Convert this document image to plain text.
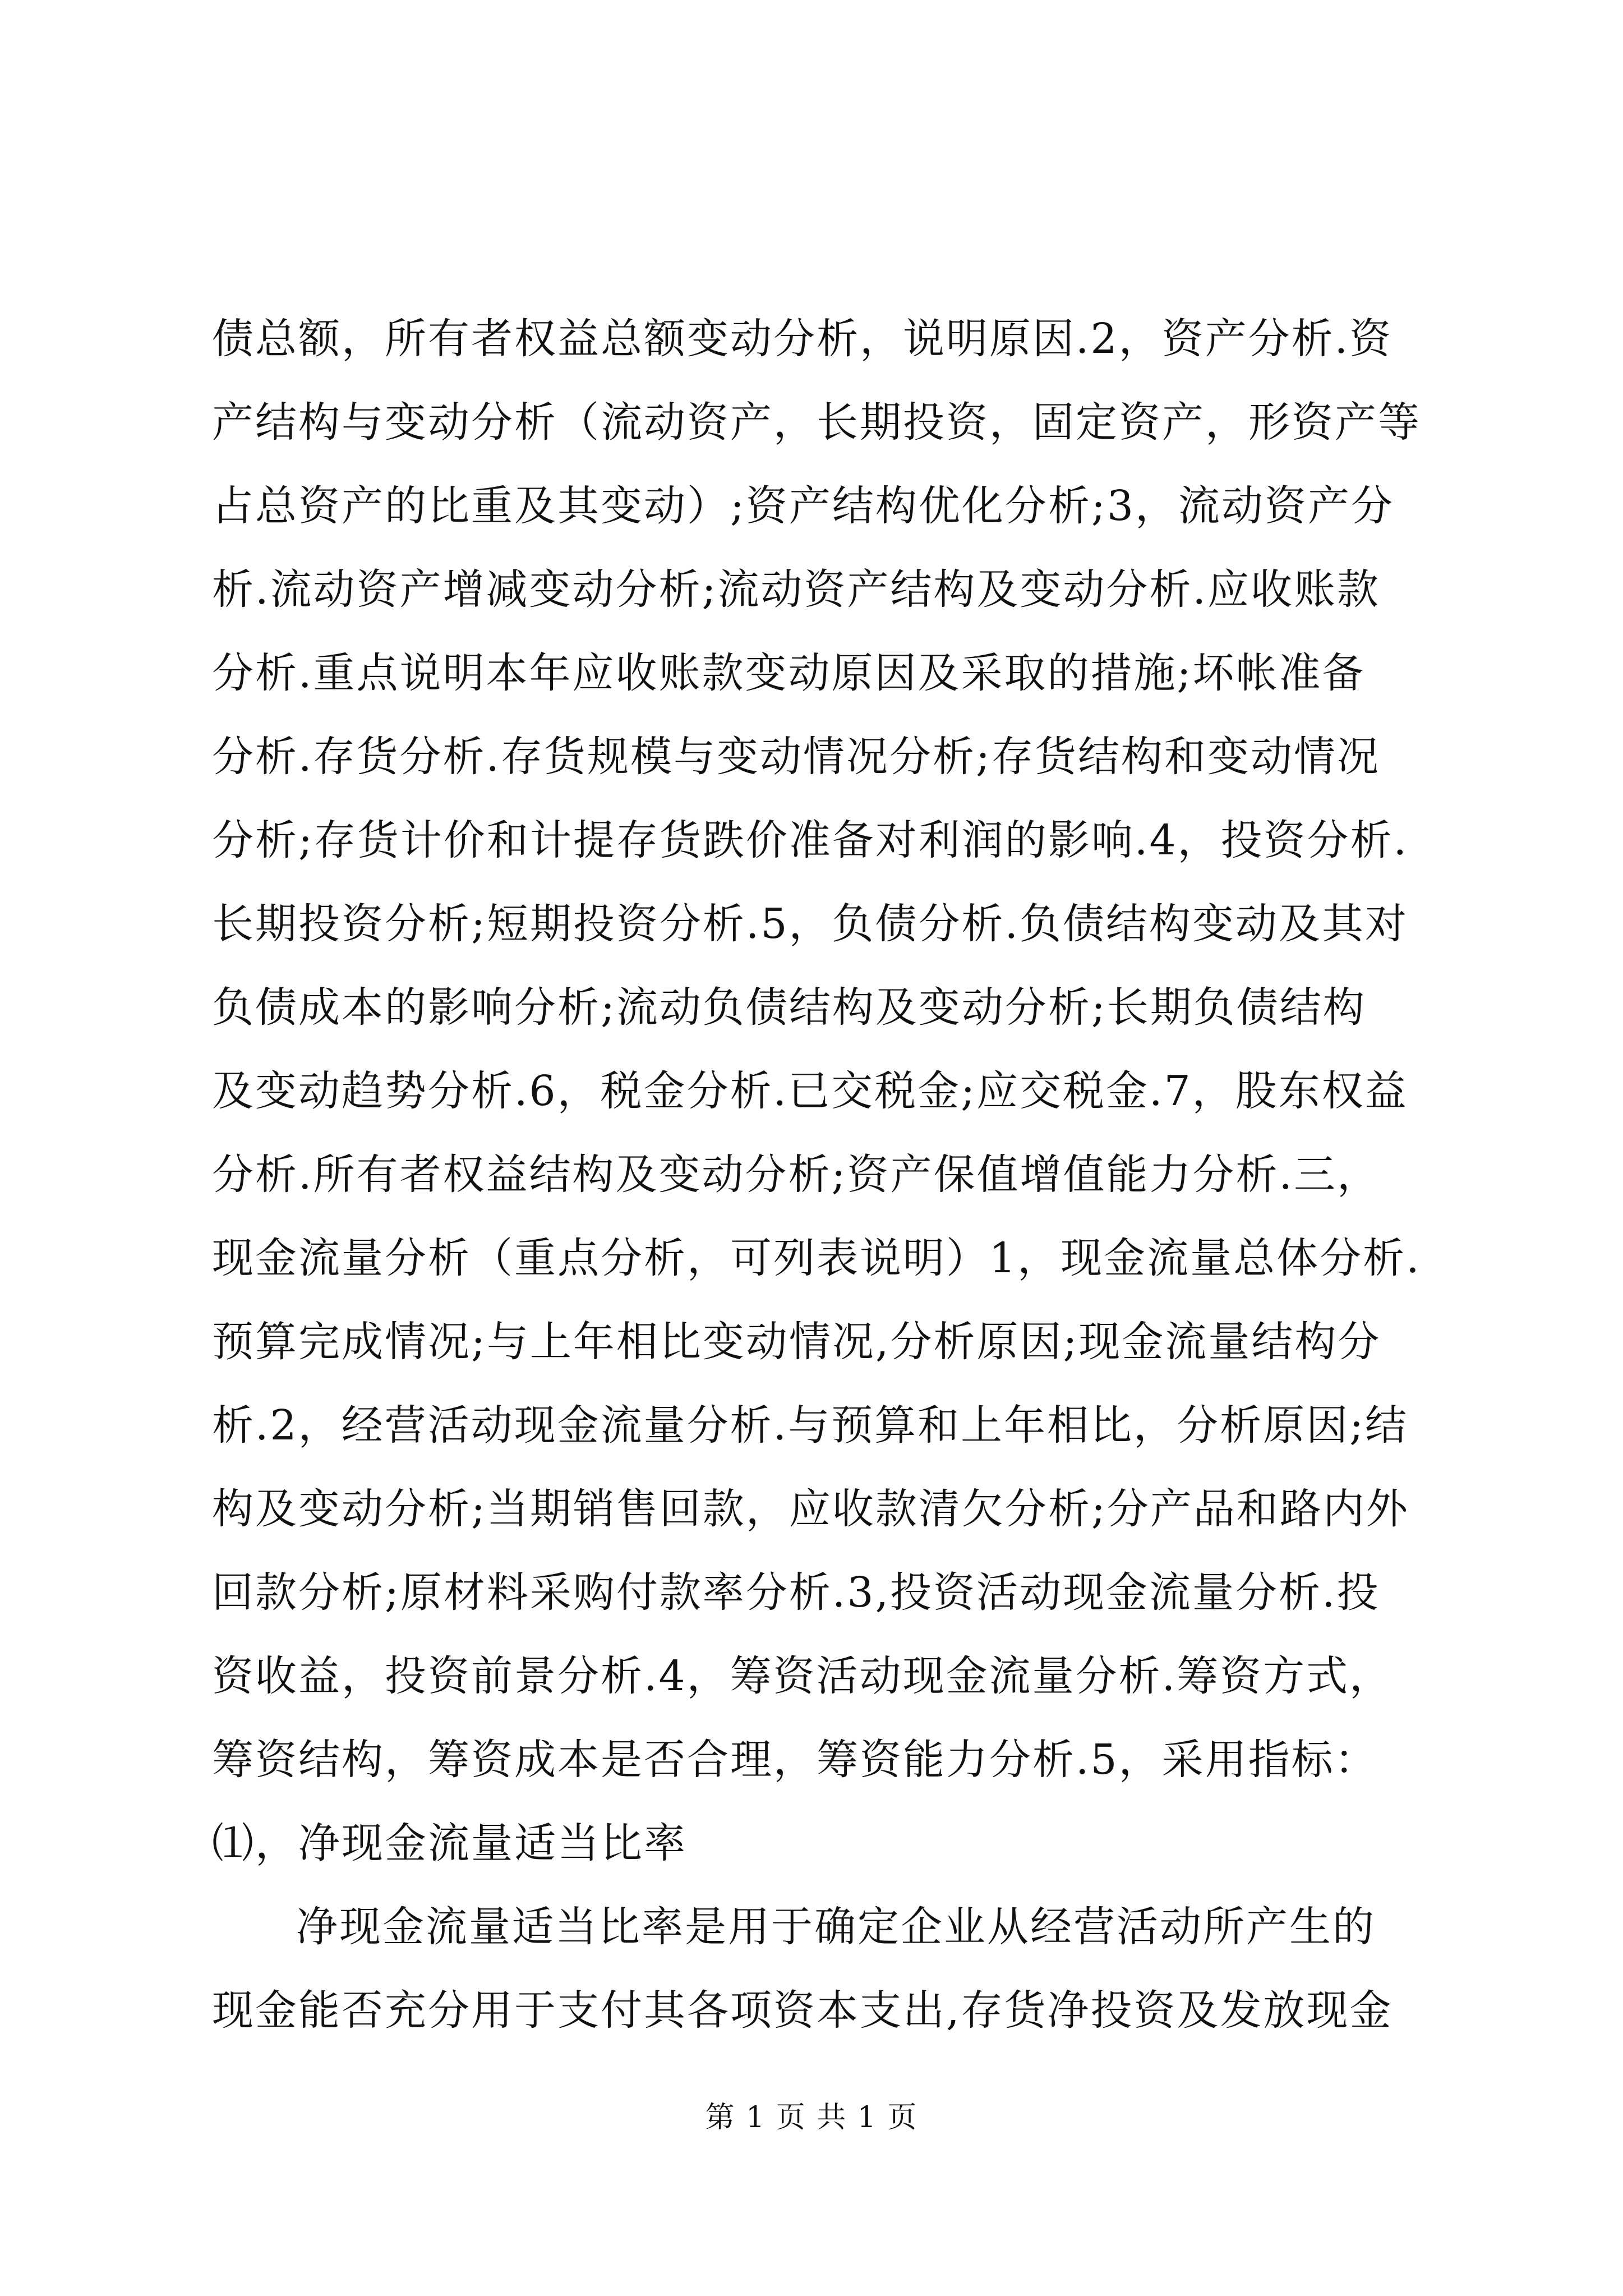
债总额，所有者权益总额变动分析，说明原因.2，资产分析.资
产结构与变动分析（流动资产，长期投资，固定资产，形资产等
占总资产的比重及其变动）;资产结构优化分析;3，流动资产分
析.流动资产增减变动分析;流动资产结构及变动分析.应收账款
分析.重点说明本年应收账款变动原因及采取的措施;坏帐准备
分析.存货分析.存货规模与变动情况分析;存货结构和变动情况
分析;存货计价和计提存货跌价准备对利润的影响.4，投资分析.
长期投资分析;短期投资分析.5，负债分析.负债结构变动及其对
负债成本的影响分析;流动负债结构及变动分析;长期负债结构
及变动趋势分析.6，税金分析.已交税金;应交税金.7，股东权益
分析.所有者权益结构及变动分析;资产保值增值能力分析.三，
现金流量分析（重点分析，可列表说明）1，现金流量总体分析.
预算完成情况;与上年相比变动情况,分析原因;现金流量结构分
析.2，经营活动现金流量分析.与预算和上年相比，分析原因;结
构及变动分析;当期销售回款，应收款清欠分析;分产品和路内外
回款分析;原材料采购付款率分析.3,投资活动现金流量分析.投
资收益，投资前景分析.4，筹资活动现金流量分析.筹资方式，
筹资结构，筹资成本是否合理，筹资能力分析.5，采用指标：
⑴，净现金流量适当比率
净现金流量适当比率是用于确定企业从经营活动所产生的
现金能否充分用于支付其各项资本支出,存货净投资及发放现金
第 1 页 共 1 页
